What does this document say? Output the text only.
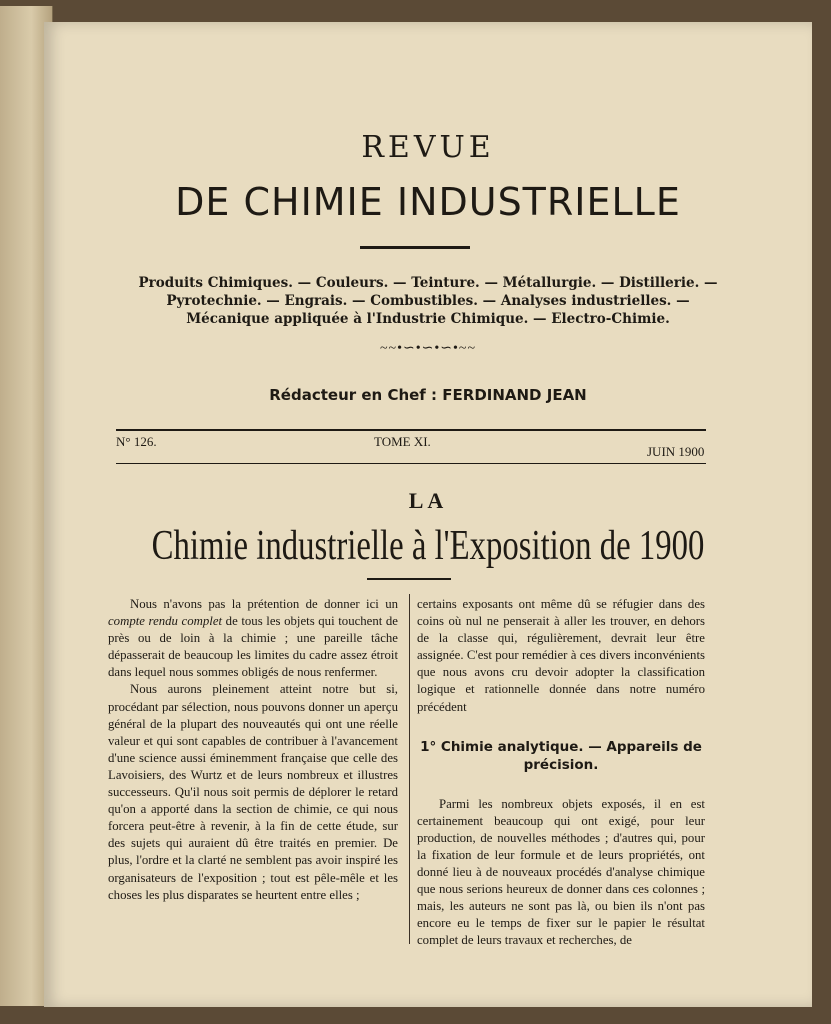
REVUE
DE CHIMIE INDUSTRIELLE
Produits Chimiques. — Couleurs. — Teinture. — Métallurgie. — Distillerie. —
Pyrotechnie. — Engrais. — Combustibles. — Analyses industrielles. —
Mécanique appliquée à l'Industrie Chimique. — Electro-Chimie.
~~•∽•∽•∽•~~
Rédacteur en Chef : FERDINAND JEAN
N° 126.	TOME XI.
JUIN 1900
LA
Chimie industrielle à l'Exposition de 1900

Nous n'avons pas la prétention de donner ici un compte rendu complet de tous les objets qui touchent de près ou de loin à la chimie ; une pareille tâche dépasserait de beaucoup les limites du cadre assez étroit dans lequel nous sommes obligés de nous renfermer.

Nous aurons pleinement atteint notre but si, procédant par sélection, nous pouvons donner un aperçu général de la plupart des nouveautés qui ont une réelle valeur et qui sont capables de contribuer à l'avancement d'une science aussi éminemment française que celle des Lavoisiers, des Wurtz et de leurs nombreux et illustres successeurs. Qu'il nous soit permis de déplorer le retard qu'on a apporté dans la section de chimie, ce qui nous forcera peut-être à revenir, à la fin de cette étude, sur des sujets qui auraient dû être traités en premier. De plus, l'ordre et la clarté ne semblent pas avoir inspiré les organisateurs de l'exposition ; tout est pêle-mêle et les choses les plus disparates se heurtent entre elles ;

certains exposants ont même dû se réfugier dans des coins où nul ne penserait à aller les trouver, en dehors de la classe qui, régulièrement, devrait leur être assignée. C'est pour remédier à ces divers inconvénients que nous avons cru devoir adopter la classification logique et rationnelle donnée dans notre numéro précédent

1° Chimie analytique. — Appareils de précision.

Parmi les nombreux objets exposés, il en est certainement beaucoup qui ont exigé, pour leur production, de nouvelles méthodes ; d'autres qui, pour la fixation de leur formule et de leurs propriétés, ont donné lieu à de nouveaux procédés d'analyse chimique que nous serions heureux de donner dans ces colonnes ; mais, les auteurs ne sont pas là, ou bien ils n'ont pas encore eu le temps de fixer sur le papier le résultat complet de leurs travaux et recherches, de
